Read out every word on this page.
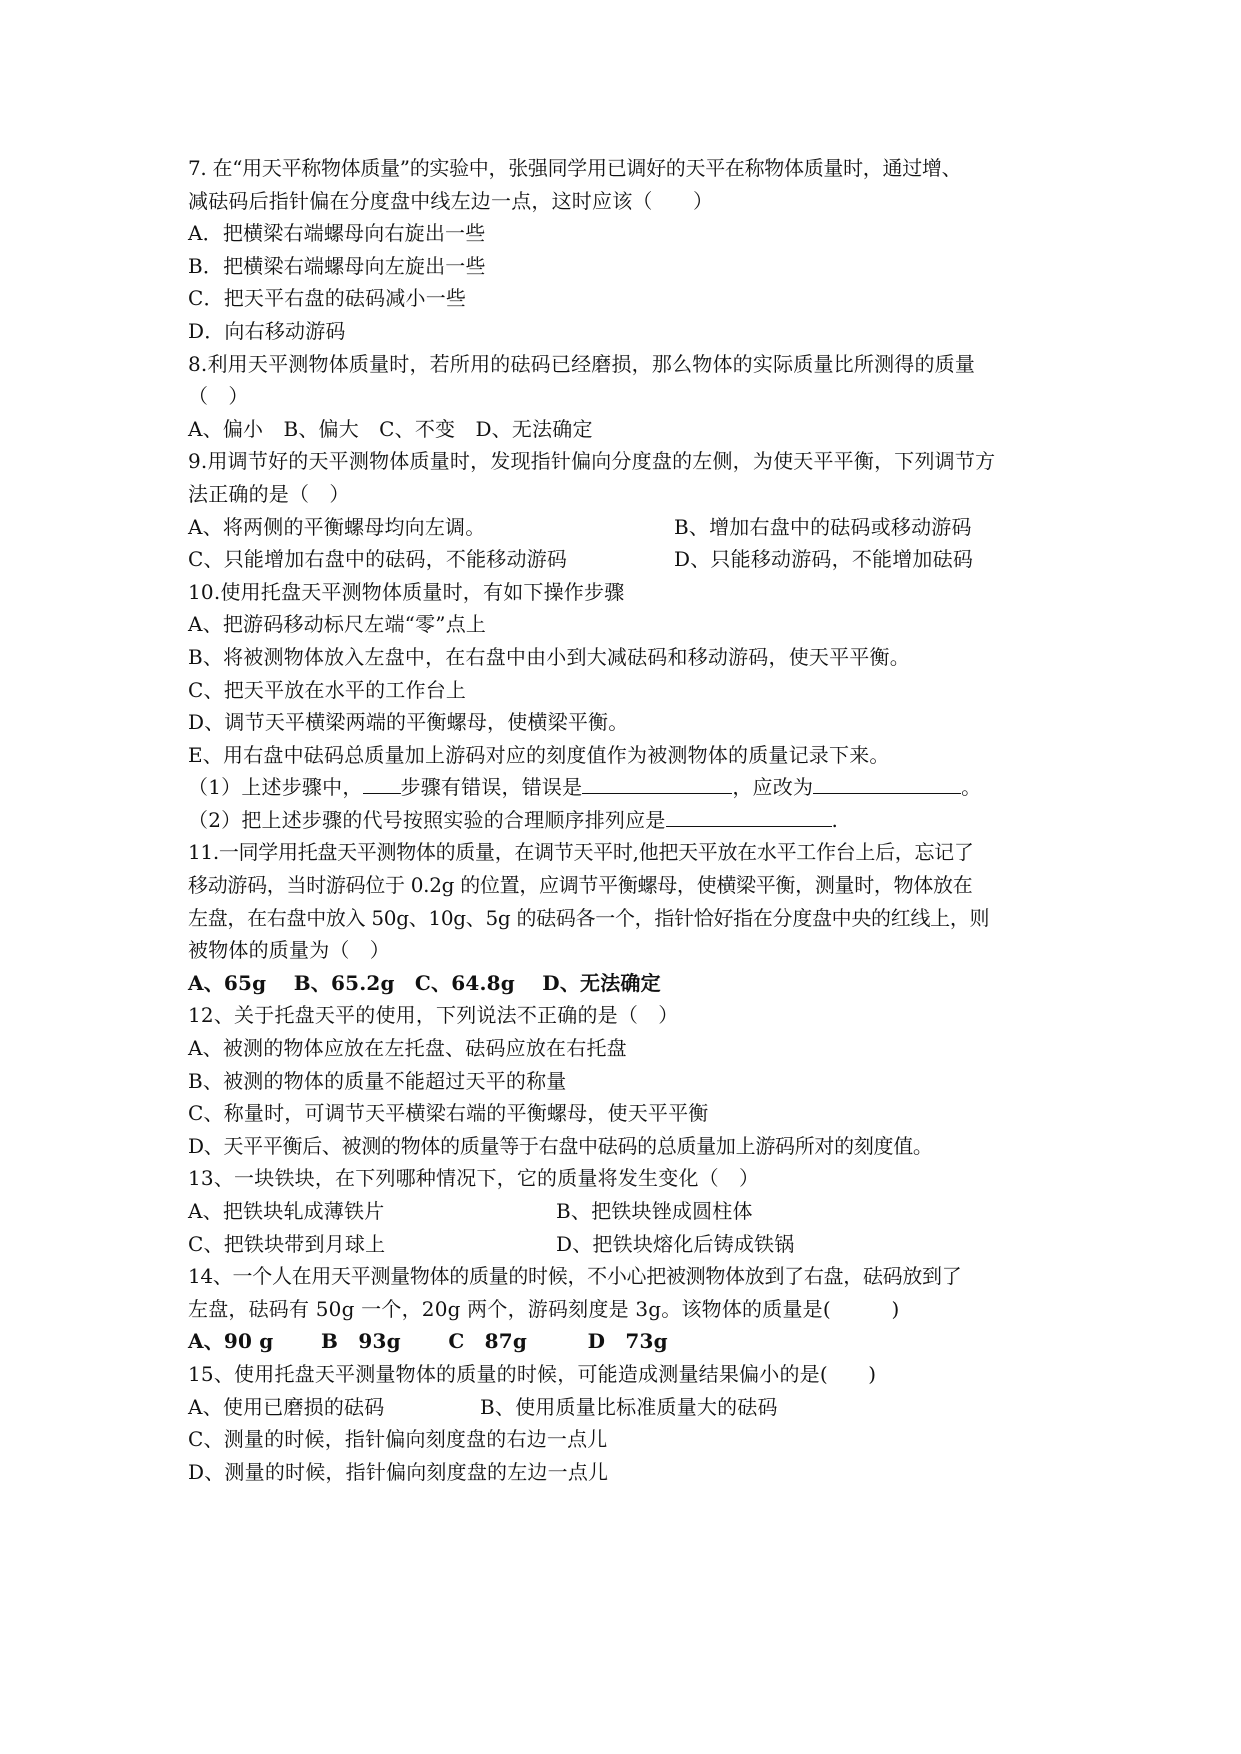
7. 在“用天平称物体质量”的实验中，张强同学用已调好的天平在称物体质量时，通过增、
减砝码后指针偏在分度盘中线左边一点，这时应该（　　）
A．把横梁右端螺母向右旋出一些
B．把横梁右端螺母向左旋出一些
C．把天平右盘的砝码减小一些
D．向右移动游码
8.利用天平测物体质量时，若所用的砝码已经磨损，那么物体的实际质量比所测得的质量
（　）
A、偏小　B、偏大　C、不变　D、无法确定
9.用调节好的天平测物体质量时，发现指针偏向分度盘的左侧，为使天平平衡，下列调节方
法正确的是（　）
A、将两侧的平衡螺母均向左调。	B、增加右盘中的砝码或移动游码
C、只能增加右盘中的砝码，不能移动游码	D、只能移动游码，不能增加砝码
10.使用托盘天平测物体质量时，有如下操作步骤
A、把游码移动标尺左端“零”点上
B、将被测物体放入左盘中，在右盘中由小到大减砝码和移动游码，使天平平衡。
C、把天平放在水平的工作台上
D、调节天平横梁两端的平衡螺母，使横梁平衡。
E、用右盘中砝码总质量加上游码对应的刻度值作为被测物体的质量记录下来。
（1）上述步骤中， 步骤有错误，错误是	，应改为	。
（2）把上述步骤的代号按照实验的合理顺序排列应是	.
11.一同学用托盘天平测物体的质量，在调节天平时,他把天平放在水平工作台上后，忘记了
移动游码，当时游码位于 0.2g 的位置，应调节平衡螺母，使横梁平衡，测量时，物体放在
左盘，在右盘中放入 50g、10g、5g 的砝码各一个，指针恰好指在分度盘中央的红线上，则
被物体的质量为（　）
A、65g　 B、65.2g　C、64.8g　 D、无法确定
12、关于托盘天平的使用，下列说法不正确的是（　）
A、被测的物体应放在左托盘、砝码应放在右托盘
B、被测的物体的质量不能超过天平的称量
C、称量时，可调节天平横梁右端的平衡螺母，使天平平衡
D、天平平衡后、被测的物体的质量等于右盘中砝码的总质量加上游码所对的刻度值。
13、一块铁块，在下列哪种情况下，它的质量将发生变化（　）
A、把铁块轧成薄铁片	B、把铁块锉成圆柱体
C、把铁块带到月球上	D、把铁块熔化后铸成铁锅
14、一个人在用天平测量物体的质量的时候，不小心把被测物体放到了右盘，砝码放到了
左盘，砝码有 50g 一个，20g 两个，游码刻度是 3g。该物体的质量是(　　　)
A、90 g　　 B　93g　　 C　87g　　　D　73g
15、使用托盘天平测量物体的质量的时候，可能造成测量结果偏小的是(　　)
A、使用已磨损的砝码	B、使用质量比标准质量大的砝码
C、测量的时候，指针偏向刻度盘的右边一点儿
D、测量的时候，指针偏向刻度盘的左边一点儿
